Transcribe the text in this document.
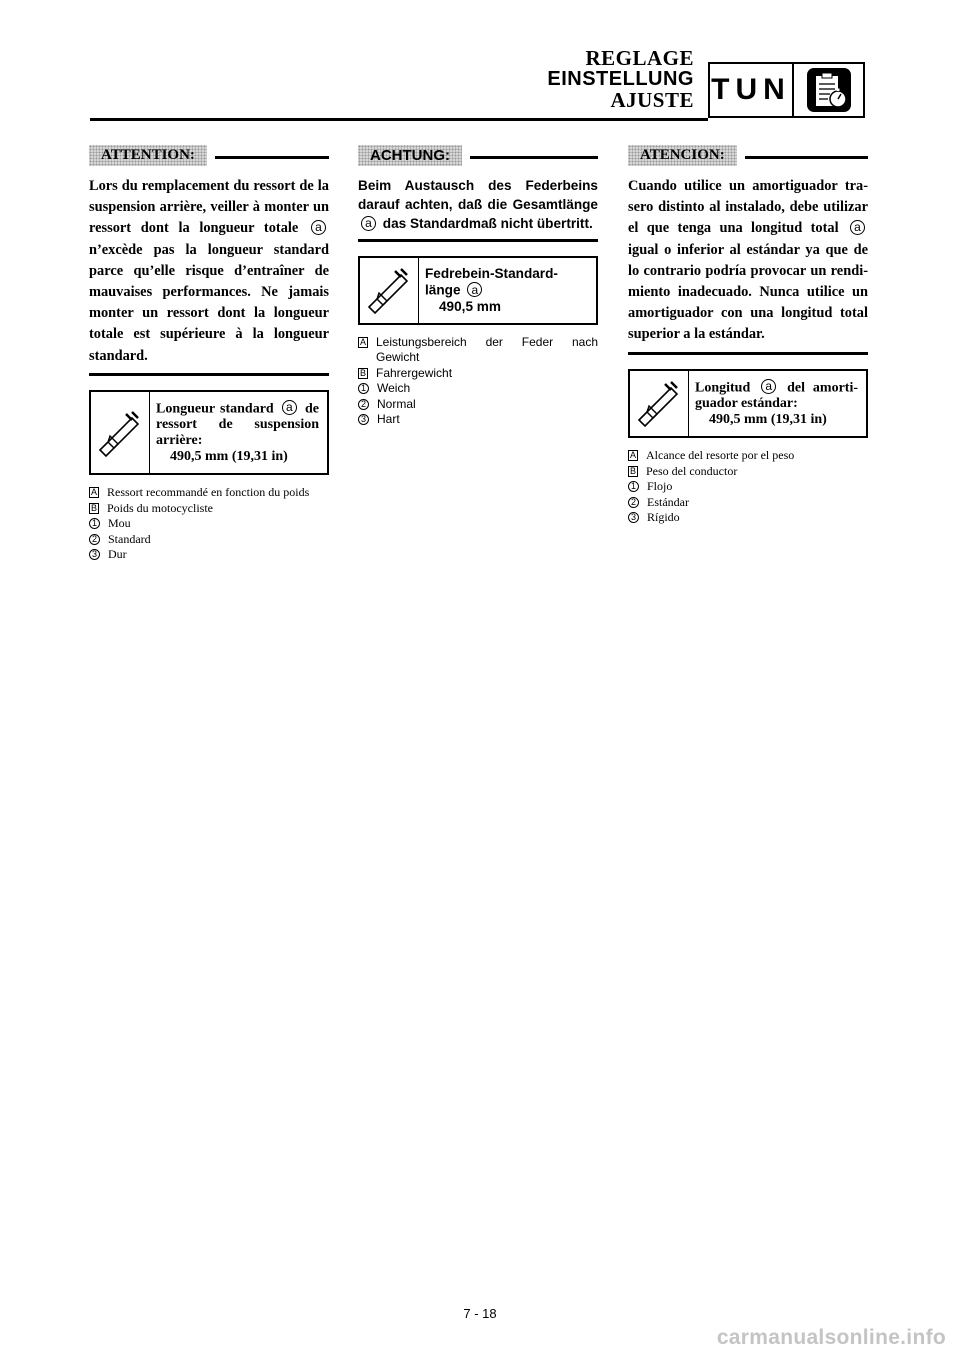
REGLAGE
EINSTELLUNG
AJUSTE TUN
ATTENTION:
Lors du remplacement du ressort de la suspension arrière, veiller à monter un ressort dont la longueur totale a n’excède pas la longueur standard parce qu’elle risque d’entraîner de mauvaises performances. Ne jamais monter un ressort dont la longueur totale est supérieure à la longueur standard.
Longueur standard a de ressort de suspension arrière:
490,5 mm (19,31 in)
A Ressort recommandé en fonction du poids
B Poids du motocycliste
1 Mou
2 Standard
3 Dur
ACHTUNG:
Beim Austausch des Federbeins darauf achten, daß die Gesamtlänge a das Standardmaß nicht übertritt.
Fedrebein-Standard-länge a
490,5 mm
A Leistungsbereich der Feder nach Gewicht
B Fahrergewicht
1 Weich
2 Normal
3 Hart
ATENCION:
Cuando utilice un amortiguador tra-sero distinto al instalado, debe utilizar el que tenga una longitud total a igual o inferior al estándar ya que de lo contrario podría provocar un rendi-miento inadecuado. Nunca utilice un amortiguador con una longitud total superior a la estándar.
Longitud a del amorti-guador estándar:
490,5 mm (19,31 in)
A Alcance del resorte por el peso
B Peso del conductor
1 Flojo
2 Estándar
3 Rígido
7 - 18
carmanualsonline.info
